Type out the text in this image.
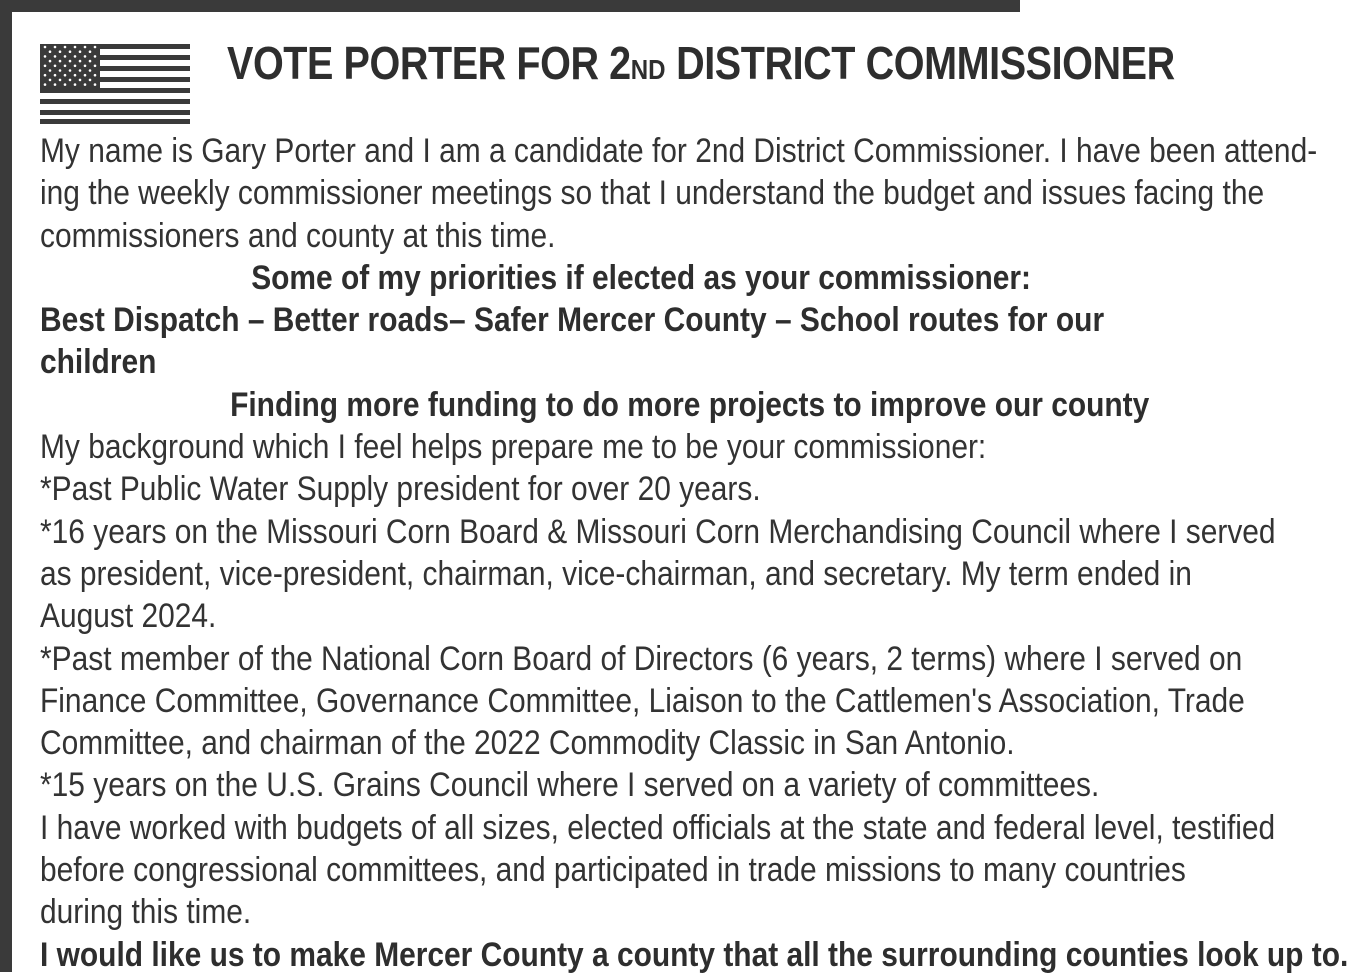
VOTE PORTER FOR 2ND DISTRICT COMMISSIONER
My name is Gary Porter and I am a candidate for 2nd District Commissioner. I have been attend-
ing the weekly commissioner meetings so that I understand the budget and issues facing the
commissioners and county at this time.
Some of my priorities if elected as your commissioner:
Best Dispatch – Better roads– Safer Mercer County – School routes for our
children
Finding more funding to do more projects to improve our county
My background which I feel helps prepare me to be your commissioner:
*Past Public Water Supply president for over 20 years.
*16 years on the Missouri Corn Board & Missouri Corn Merchandising Council where I served
as president, vice-president, chairman, vice-chairman, and secretary. My term ended in
August 2024.
*Past member of the National Corn Board of Directors (6 years, 2 terms) where I served on
Finance Committee, Governance Committee, Liaison to the Cattlemen's Association, Trade
Committee, and chairman of the 2022 Commodity Classic in San Antonio.
*15 years on the U.S. Grains Council where I served on a variety of committees.
I have worked with budgets of all sizes, elected officials at the state and federal level, testified
before congressional committees, and participated in trade missions to many countries
during this time.
I would like us to make Mercer County a county that all the surrounding counties look up to.
